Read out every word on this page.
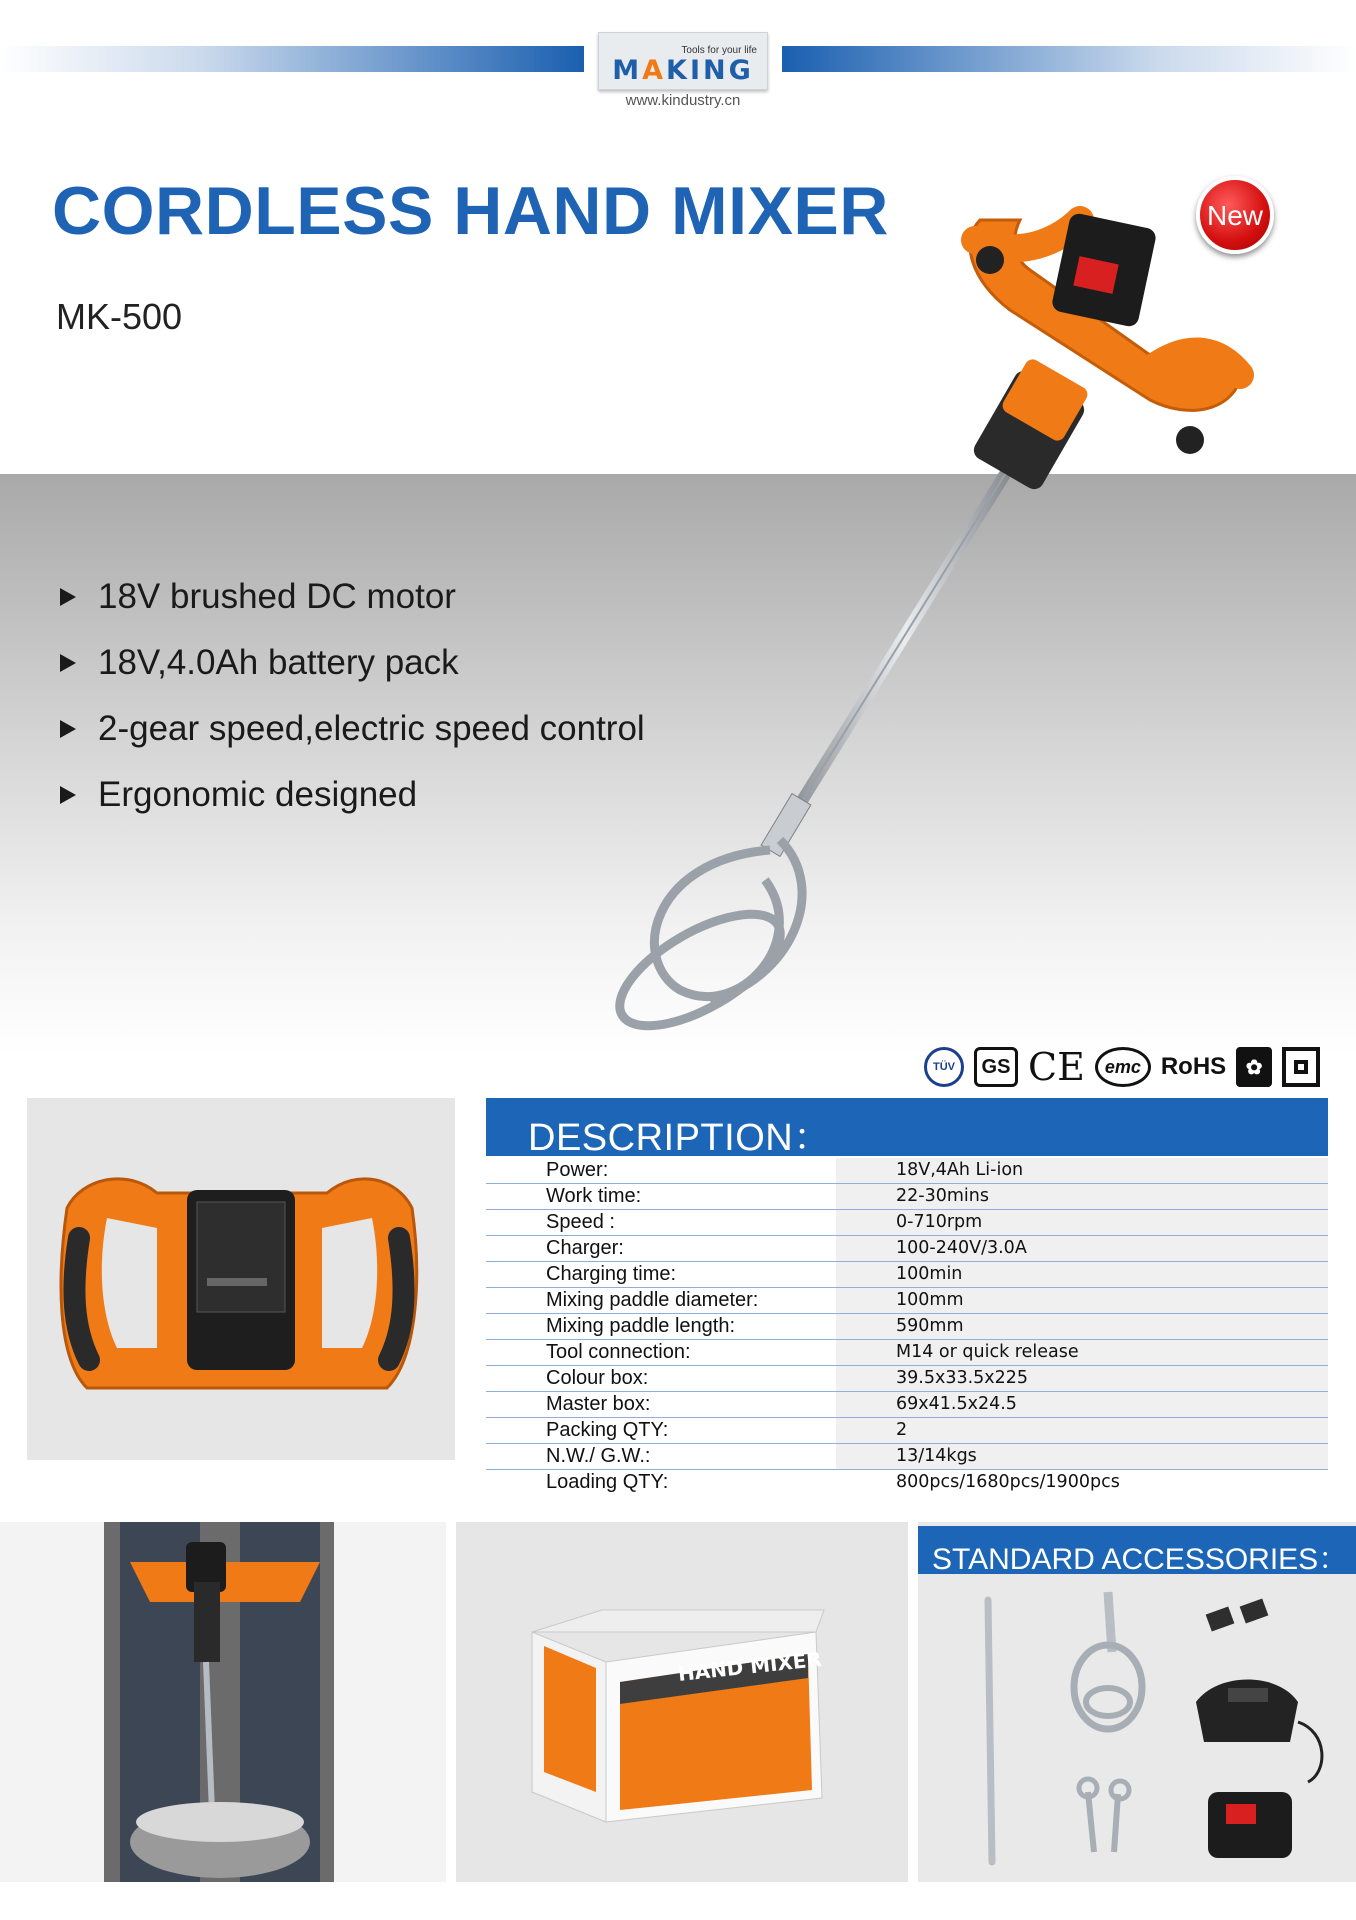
Tools for your life
MAKING
www.kindustry.cn
CORDLESS HAND MIXER
MK-500
18V brushed DC motor
18V,4.0Ah battery pack
2-gear speed,electric speed control
Ergonomic designed
New
TÜV	GS CE	emc RoHS ✿
DESCRIPTION：
Power:	18V,4Ah Li-ion
Work time:	22-30mins
Speed :	0-710rpm
Charger:	100-240V/3.0A
Charging time:	100min
Mixing paddle diameter:	100mm
Mixing paddle length:	590mm
Tool connection:	M14 or quick release
Colour box:	39.5x33.5x225
Master box:	69x41.5x24.5
Packing QTY:	2
N.W./ G.W.:	13/14kgs
Loading QTY:	800pcs/1680pcs/1900pcs
HAND MIXER
STANDARD ACCESSORIES：
